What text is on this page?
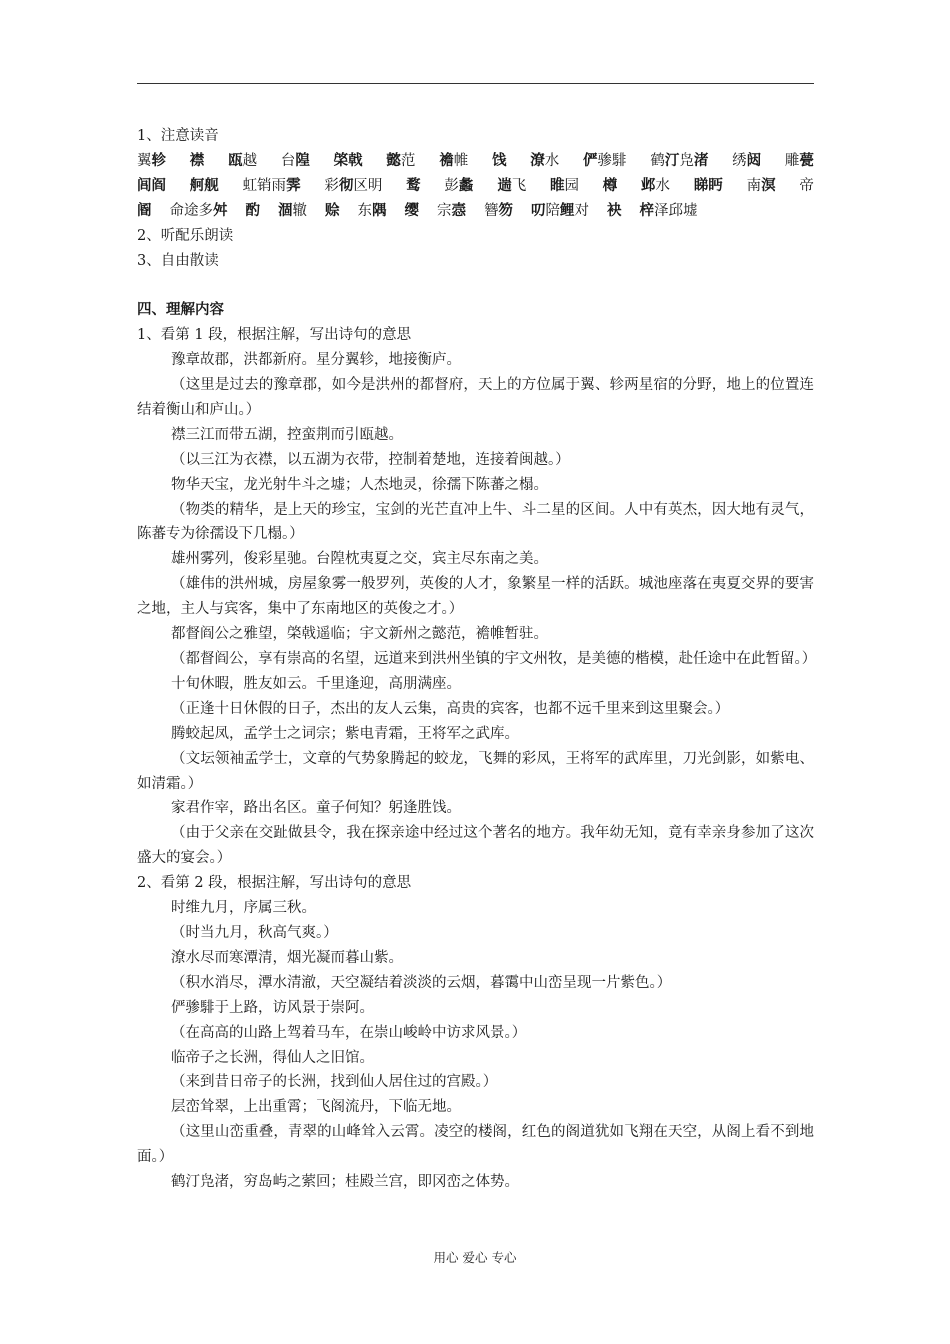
1、注意读音
翼轸 襟 瓯越 台隍 棨戟 懿范 襜帷 饯 潦水 俨骖騑 鹤汀凫渚 绣闼 雕甍
闾阎 舸舰 虹销雨霁 彩彻区明 鹜 彭蠡 遄飞 睢园 樽 邺水 睇眄 南溟 帝
阍 命途多舛 酌 涸辙 赊 东隅 缨 宗悫 簪笏 叨陪鲤对 袂 梓泽邱墟
2、听配乐朗读
3、自由散读
四、理解内容
1、看第 1 段，根据注解，写出诗句的意思
豫章故郡，洪都新府。星分翼轸，地接衡庐。
（这里是过去的豫章郡，如今是洪州的都督府，天上的方位属于翼、轸两星宿的分野，地上的位置连结着衡山和庐山。）
襟三江而带五湖，控蛮荆而引瓯越。
（以三江为衣襟，以五湖为衣带，控制着楚地，连接着闽越。）
物华天宝，龙光射牛斗之墟；人杰地灵，徐孺下陈蕃之榻。
（物类的精华，是上天的珍宝，宝剑的光芒直冲上牛、斗二星的区间。人中有英杰，因大地有灵气，陈蕃专为徐孺设下几榻。）
雄州雾列，俊彩星驰。台隍枕夷夏之交，宾主尽东南之美。
（雄伟的洪州城，房屋象雾一般罗列，英俊的人才，象繁星一样的活跃。城池座落在夷夏交界的要害之地，主人与宾客，集中了东南地区的英俊之才。）
都督阎公之雅望，棨戟遥临；宇文新州之懿范，襜帷暂驻。
（都督阎公，享有崇高的名望，远道来到洪州坐镇的宇文州牧，是美德的楷模，赴任途中在此暂留。）
十旬休暇，胜友如云。千里逢迎，高朋满座。
（正逢十日休假的日子，杰出的友人云集，高贵的宾客，也都不远千里来到这里聚会。）
腾蛟起凤，孟学士之词宗；紫电青霜，王将军之武库。
（文坛领袖孟学士，文章的气势象腾起的蛟龙，飞舞的彩凤，王将军的武库里，刀光剑影，如紫电、如清霜。）
家君作宰，路出名区。童子何知？躬逢胜饯。
（由于父亲在交趾做县令，我在探亲途中经过这个著名的地方。我年幼无知，竟有幸亲身参加了这次盛大的宴会。）
2、看第 2 段，根据注解，写出诗句的意思
时维九月，序属三秋。
（时当九月，秋高气爽。）
潦水尽而寒潭清，烟光凝而暮山紫。
（积水消尽，潭水清澈，天空凝结着淡淡的云烟，暮霭中山峦呈现一片紫色。）
俨骖騑于上路，访风景于崇阿。
（在高高的山路上驾着马车，在崇山峻岭中访求风景。）
临帝子之长洲，得仙人之旧馆。
（来到昔日帝子的长洲，找到仙人居住过的宫殿。）
层峦耸翠，上出重霄；飞阁流丹，下临无地。
（这里山峦重叠，青翠的山峰耸入云霄。凌空的楼阁，红色的阁道犹如飞翔在天空，从阁上看不到地面。）
鹤汀凫渚，穷岛屿之萦回；桂殿兰宫，即冈峦之体势。
用心 爱心 专心
